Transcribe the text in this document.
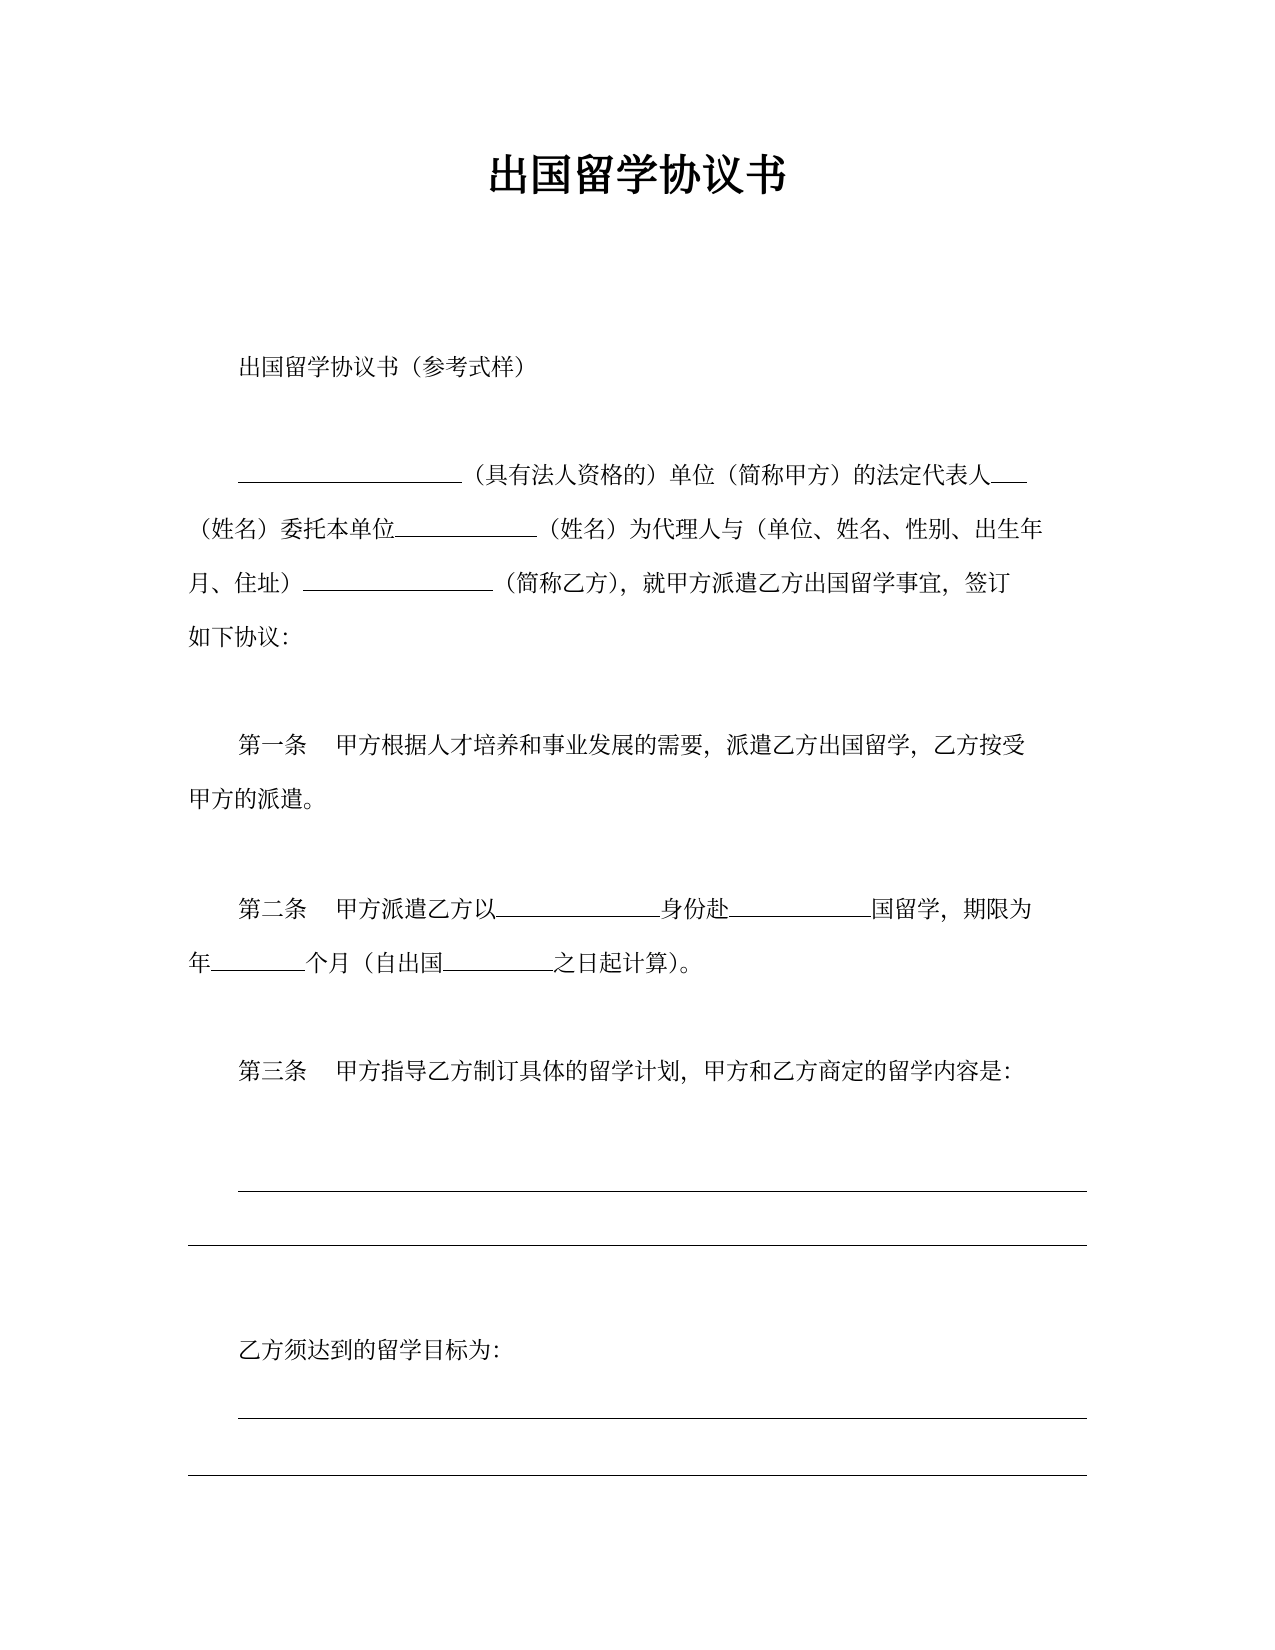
出国留学协议书
出国留学协议书（参考式样）
（具有法人资格的）单位（简称甲方）的法定代表人
（姓名）委托本单位	（姓名）为代理人与（单位、姓名、性别、出生年
月、住址）	（简称乙方），就甲方派遣乙方出国留学事宜，签订
如下协议：
第一条 甲方根据人才培养和事业发展的需要，派遣乙方出国留学，乙方按受
甲方的派遣。
第二条 甲方派遣乙方以	身份赴	国留学，期限为
年	个月（自出国	之日起计算）。
第三条 甲方指导乙方制订具体的留学计划，甲方和乙方商定的留学内容是：
乙方须达到的留学目标为：
